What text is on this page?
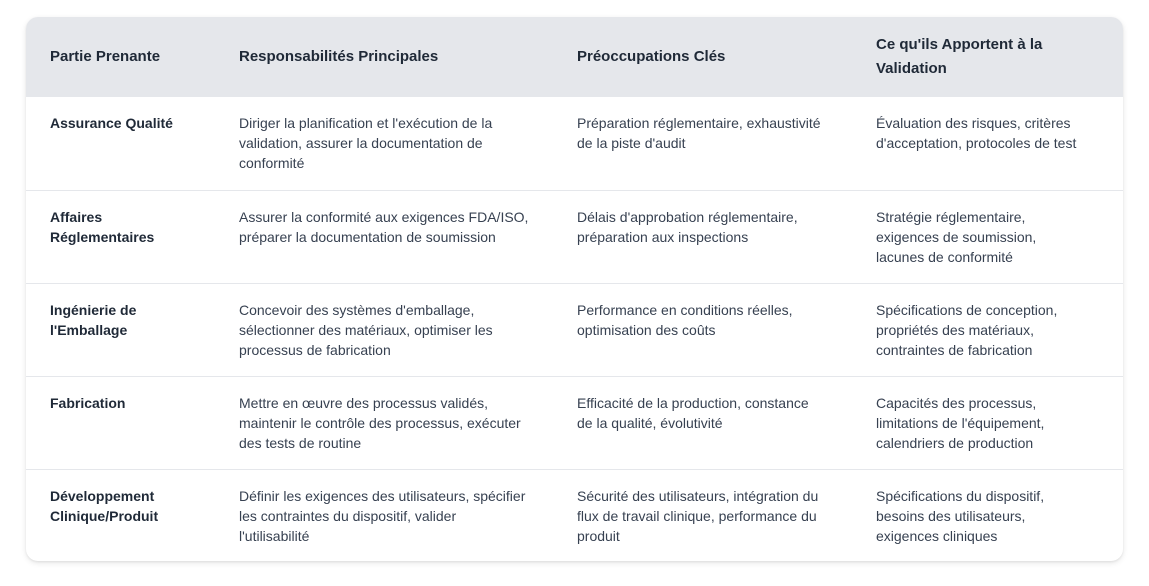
Partie Prenante	Responsabilités Principales	Préoccupations Clés	Ce qu'ils Apportent à la Validation
Assurance Qualité	Diriger la planification et l'exécution de la validation, assurer la documentation de conformité	Préparation réglementaire, exhaustivité de la piste d'audit	Évaluation des risques, critères d'acceptation, protocoles de test
Affaires Réglementaires	Assurer la conformité aux exigences FDA/ISO, préparer la documentation de soumission	Délais d'approbation réglementaire, préparation aux inspections	Stratégie réglementaire, exigences de soumission, lacunes de conformité
Ingénierie de l'Emballage	Concevoir des systèmes d'emballage, sélectionner des matériaux, optimiser les processus de fabrication	Performance en conditions réelles, optimisation des coûts	Spécifications de conception, propriétés des matériaux, contraintes de fabrication
Fabrication	Mettre en œuvre des processus validés, maintenir le contrôle des processus, exécuter des tests de routine	Efficacité de la production, constance de la qualité, évolutivité	Capacités des processus, limitations de l'équipement, calendriers de production
Développement Clinique/Produit	Définir les exigences des utilisateurs, spécifier les contraintes du dispositif, valider l'utilisabilité	Sécurité des utilisateurs, intégration du flux de travail clinique, performance du produit	Spécifications du dispositif, besoins des utilisateurs, exigences cliniques
